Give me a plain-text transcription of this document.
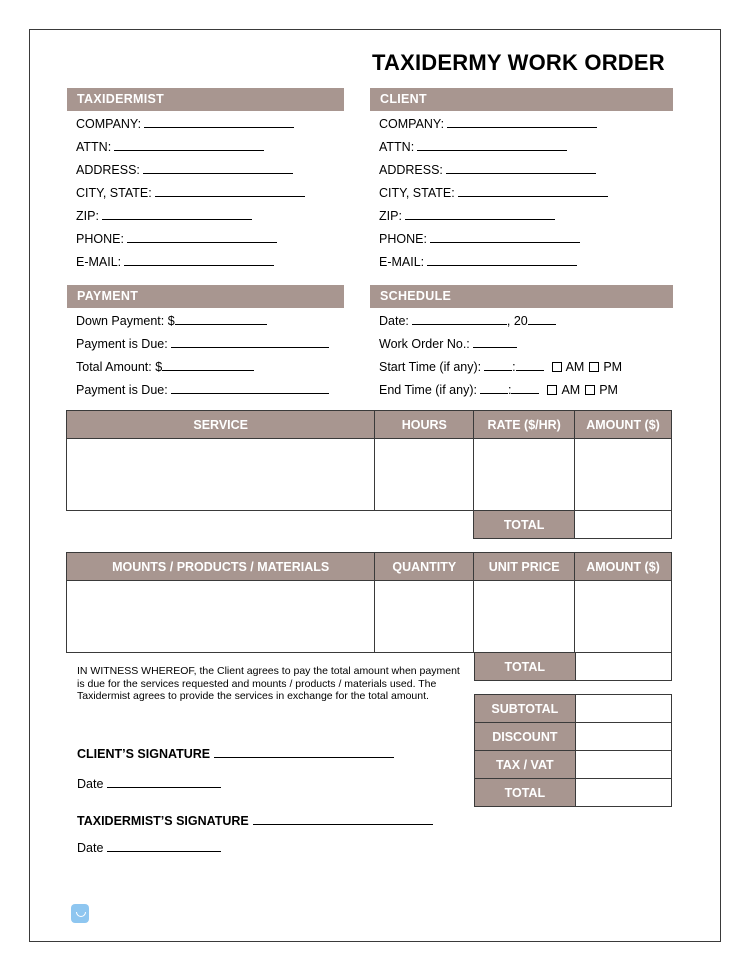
TAXIDERMY WORK ORDER
TAXIDERMIST
COMPANY:
ATTN:
ADDRESS:
CITY, STATE:
ZIP:
PHONE:
E-MAIL:
CLIENT
COMPANY:
ATTN:
ADDRESS:
CITY, STATE:
ZIP:
PHONE:
E-MAIL:
PAYMENT
Down Payment: $
Payment is Due:
Total Amount: $
Payment is Due:
SCHEDULE
Date:	, 20
Work Order No.:
Start Time (if any): :	AM PM
End Time (if any): :	AM PM
SERVICE	HOURS	RATE ($/HR)	AMOUNT ($)

		TOTAL	
MOUNTS / PRODUCTS / MATERIALS	QUANTITY	UNIT PRICE	AMOUNT ($)

TOTAL	
SUBTOTAL	
DISCOUNT	
TAX / VAT	
TOTAL	
IN WITNESS WHEREOF, the Client agrees to pay the total amount when payment is due for the services requested and mounts / products / materials used. The Taxidermist agrees to provide the services in exchange for the total amount.
CLIENT’S SIGNATURE
Date
TAXIDERMIST’S SIGNATURE
Date
